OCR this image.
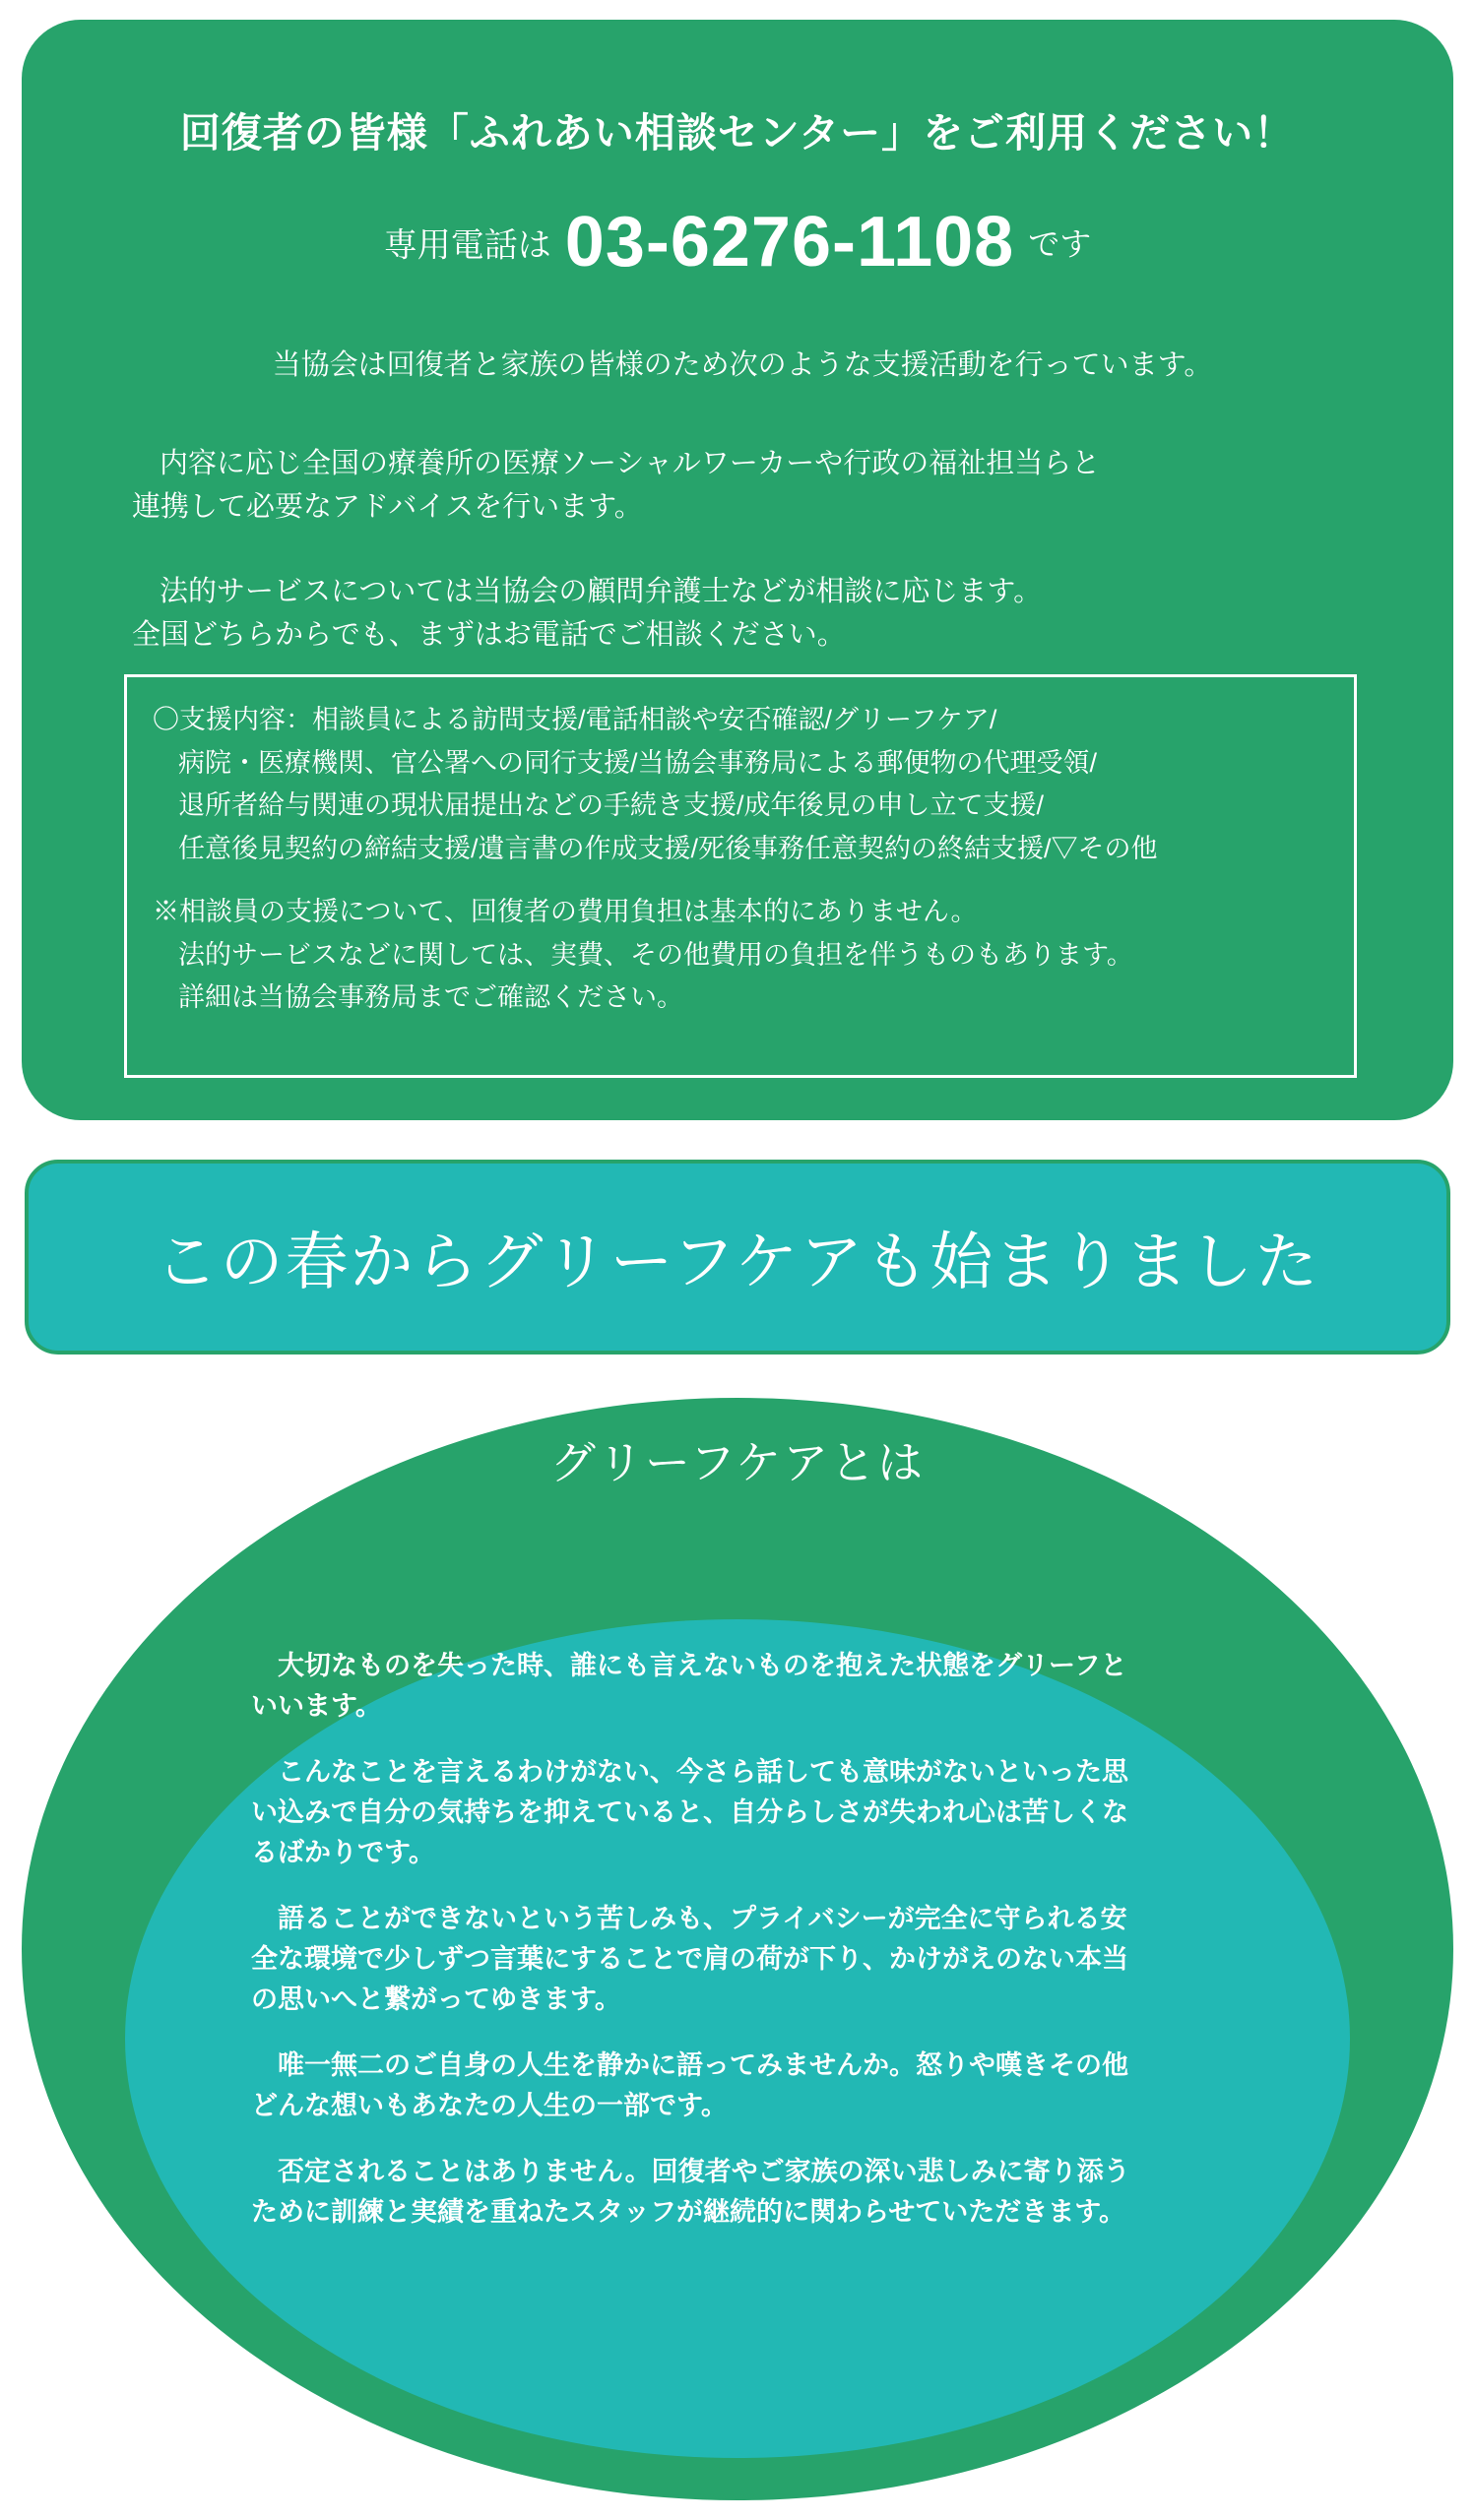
回復者の皆様「ふれあい相談センター」をご利用ください！
専用電話は 03-6276-1108 です
当協会は回復者と家族の皆様のため次のような支援活動を行っています。
内容に応じ全国の療養所の医療ソーシャルワーカーや行政の福祉担当らと
連携して必要なアドバイスを行います。
法的サービスについては当協会の顧問弁護士などが相談に応じます。
全国どちらからでも、まずはお電話でご相談ください。
〇支援内容：相談員による訪問支援/電話相談や安否確認/グリーフケア/
病院・医療機関、官公署への同行支援/当協会事務局による郵便物の代理受領/
退所者給与関連の現状届提出などの手続き支援/成年後見の申し立て支援/
任意後見契約の締結支援/遺言書の作成支援/死後事務任意契約の終結支援/▽その他
※相談員の支援について、回復者の費用負担は基本的にありません。
法的サービスなどに関しては、実費、その他費用の負担を伴うものもあります。
詳細は当協会事務局までご確認ください。
この春からグリーフケアも始まりました
グリーフケアとは

　大切なものを失った時、誰にも言えないものを抱えた状態をグリーフといいます。

　こんなことを言えるわけがない、今さら話しても意味がないといった思い込みで自分の気持ちを抑えていると、自分らしさが失われ心は苦しくなるばかりです。

　語ることができないという苦しみも、プライバシーが完全に守られる安全な環境で少しずつ言葉にすることで肩の荷が下り、かけがえのない本当の思いへと繋がってゆきます。

　唯一無二のご自身の人生を静かに語ってみませんか。怒りや嘆きその他どんな想いもあなたの人生の一部です。

　否定されることはありません。回復者やご家族の深い悲しみに寄り添うために訓練と実績を重ねたスタッフが継続的に関わらせていただきます。
